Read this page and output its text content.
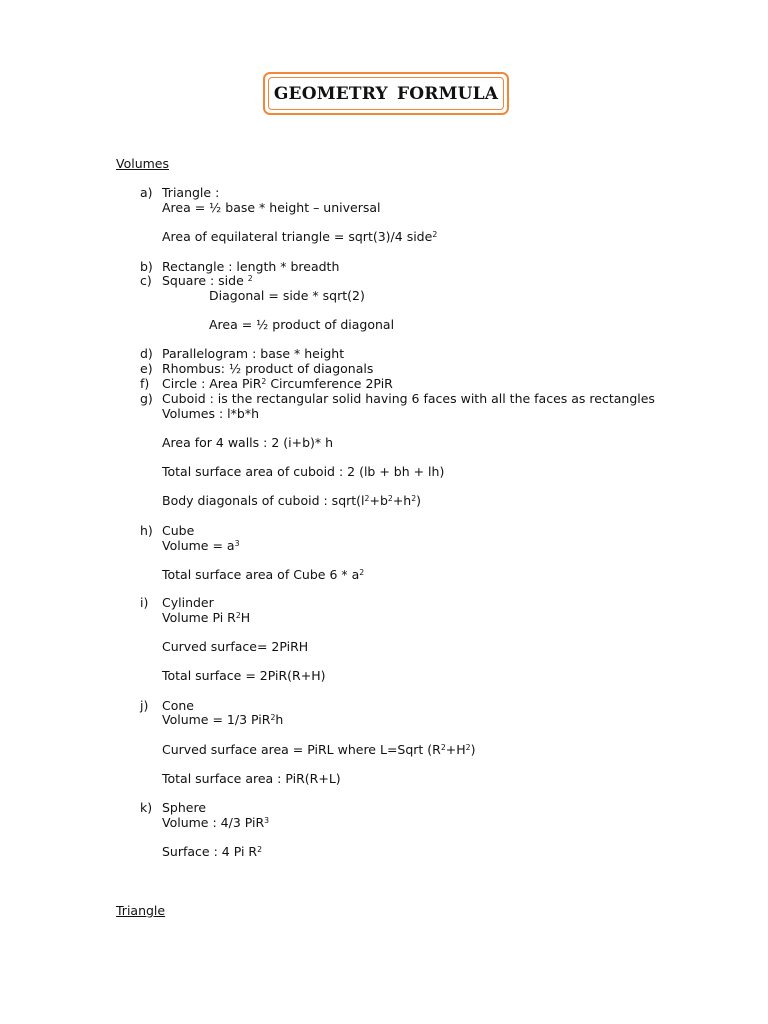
GEOMETRY FORMULA
Volumes
a) Triangle :
Area = ½ base * height – universal
Area of equilateral triangle = sqrt(3)/4 side$^2$
b) Rectangle : length * breadth
c) Square : side $^2$
Diagonal = side * sqrt(2)
Area = ½ product of diagonal
d) Parallelogram : base * height
e) Rhombus: ½ product of diagonals
f) Circle : Area PiR$^2$ Circumference 2PiR
g) Cuboid : is the rectangular solid having 6 faces with all the faces as rectangles
Volumes : l*b*h
Area for 4 walls : 2 (i+b)* h
Total surface area of cuboid : 2 (lb + bh + lh)
Body diagonals of cuboid : $sqrt(l^2+b^2+h^2)$
h) Cube
Volume = $a^3$
Total surface area of Cube $6 * a^2$
i) Cylinder
Volume Pi $R^2H$
Curved surface= 2PiRH
Total surface = 2PiR(R+H)
j) Cone
Volume = 1/3 PiR$^2$h
Curved surface area = PiRL where L=Sqrt $(R^2+H^2)$
Total surface area : PiR(R+L)
k) Sphere
Volume : 4/3 PiR$^3$
Surface : 4 Pi $R^2$
Triangle
